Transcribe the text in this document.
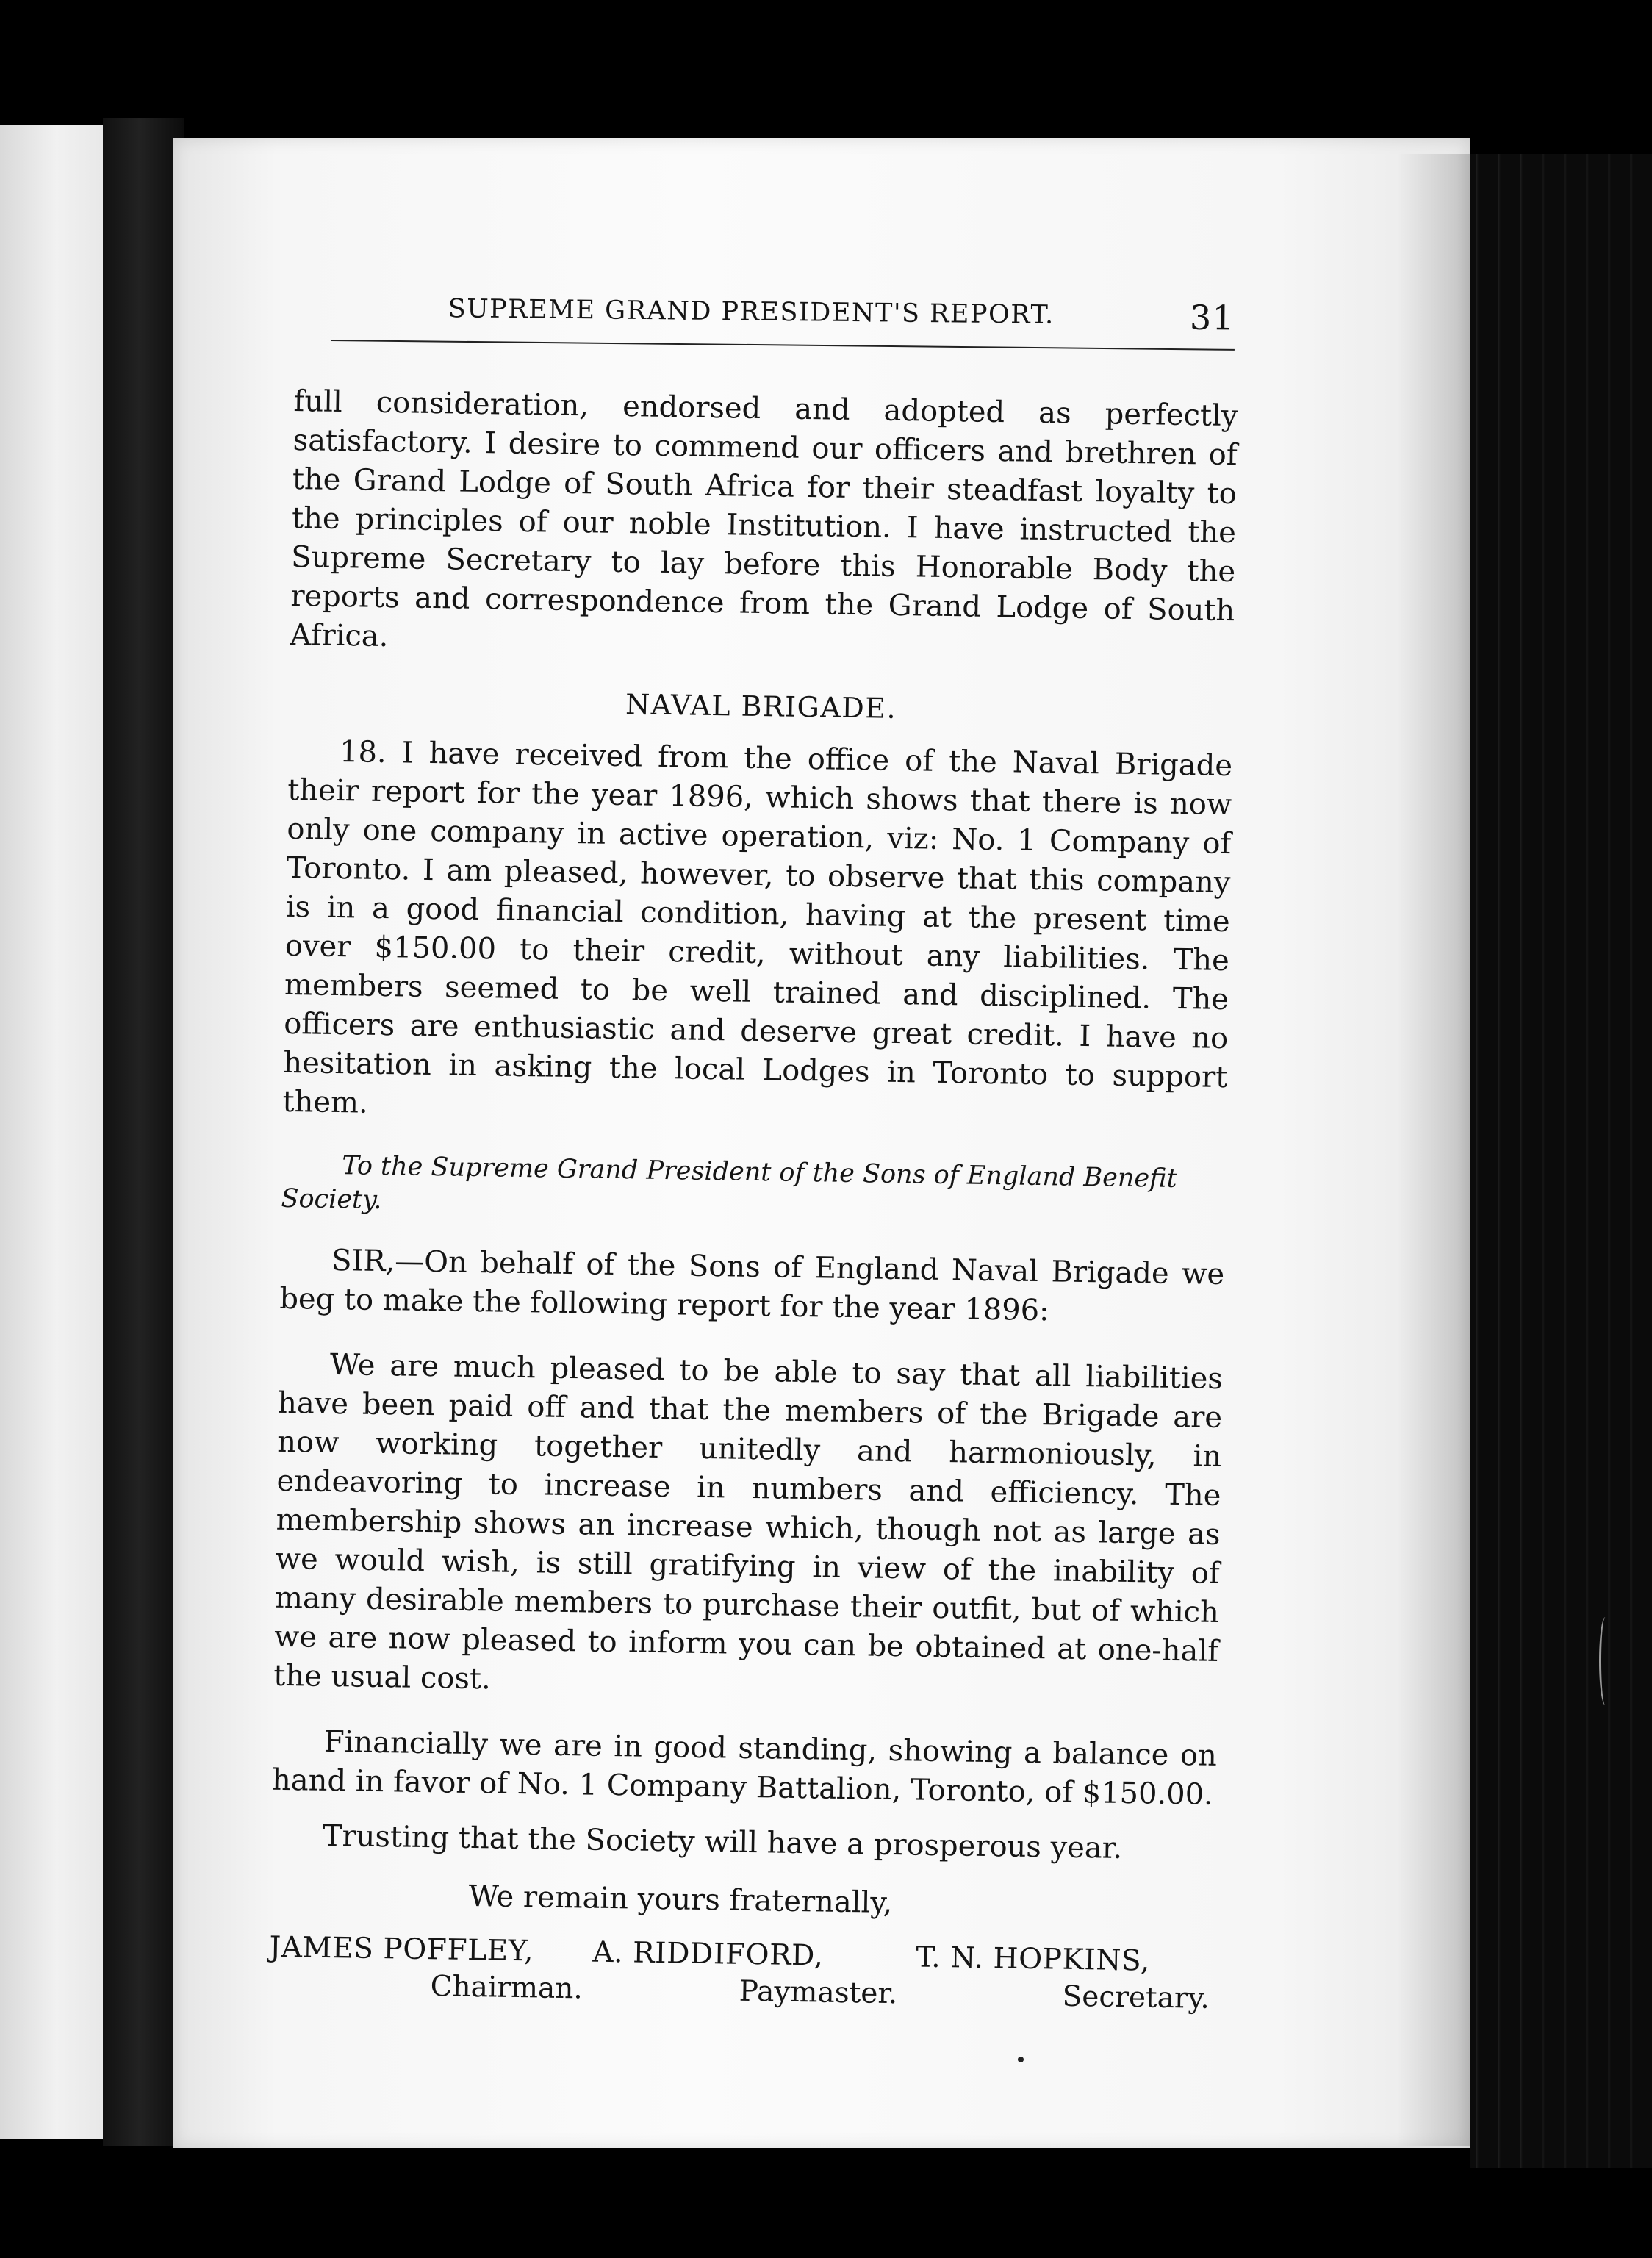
SUPREME GRAND PRESIDENT'S REPORT.	31

full consideration, endorsed and adopted as perfectly satisfactory. I desire to commend our officers and brethren of the Grand Lodge of South Africa for their steadfast loyalty to the principles of our noble Institution. I have instructed the Supreme Secretary to lay before this Honorable Body the reports and correspondence from the Grand Lodge of South Africa.

NAVAL BRIGADE.

18. I have received from the office of the Naval Brigade their report for the year 1896, which shows that there is now only one company in active operation, viz: No. 1 Company of Toronto. I am pleased, however, to observe that this company is in a good financial condition, having at the present time over $150.00 to their credit, without any liabilities. The members seemed to be well trained and disciplined. The officers are enthusiastic and deserve great credit. I have no hesitation in asking the local Lodges in Toronto to support them.

To the Supreme Grand President of the Sons of England Benefit Society.

SIR,—On behalf of the Sons of England Naval Brigade we beg to make the following report for the year 1896:

We are much pleased to be able to say that all liabilities have been paid off and that the members of the Brigade are now working together unitedly and harmoniously, in endeavoring to increase in numbers and efficiency. The membership shows an increase which, though not as large as we would wish, is still gratifying in view of the inability of many desirable members to purchase their outfit, but of which we are now pleased to inform you can be obtained at one-half the usual cost.

Financially we are in good standing, showing a balance on hand in favor of No. 1 Company Battalion, Toronto, of $150.00.

Trusting that the Society will have a prosperous year.

We remain yours fraternally,
JAMES POFFLEY,
Chairman.
A. RIDDIFORD,
Paymaster.
T. N. HOPKINS,
Secretary.
